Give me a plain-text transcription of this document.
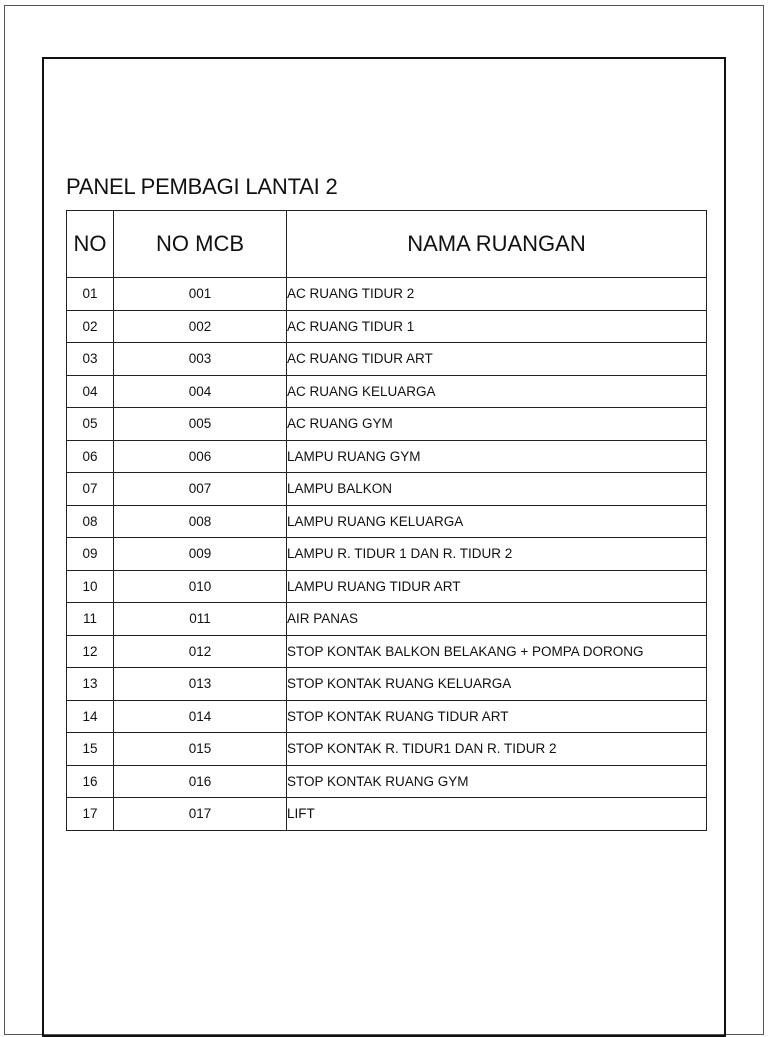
PANEL PEMBAGI LANTAI 2
NO	NO MCB	NAMA RUANGAN
01	001	AC RUANG TIDUR 2
02	002	AC RUANG TIDUR 1
03	003	AC RUANG TIDUR ART
04	004	AC RUANG KELUARGA
05	005	AC RUANG GYM
06	006	LAMPU RUANG GYM
07	007	LAMPU BALKON
08	008	LAMPU RUANG KELUARGA
09	009	LAMPU R. TIDUR 1 DAN R. TIDUR 2
10	010	LAMPU RUANG TIDUR ART
11	011	AIR PANAS
12	012	STOP KONTAK BALKON BELAKANG + POMPA DORONG
13	013	STOP KONTAK RUANG KELUARGA
14	014	STOP KONTAK RUANG TIDUR ART
15	015	STOP KONTAK R. TIDUR1 DAN R. TIDUR 2
16	016	STOP KONTAK RUANG GYM
17	017	LIFT
